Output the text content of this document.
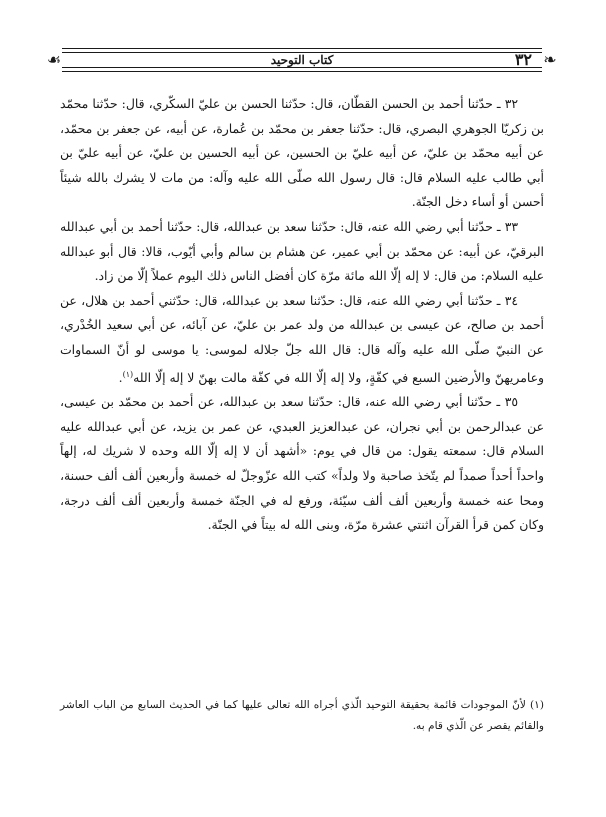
❧
☙	٣٢
كتاب التوحيد

٣٢ ـ حدّثنا أحمد بن الحسن القطّان، قال: حدّثنا الحسن بن عليّ السكّري، قال: حدّثنا محمّد بن زكريّا الجوهري البصري، قال: حدّثنا جعفر بن محمّد بن عُمارة، عن أبيه، عن جعفر بن محمّد، عن أبيه محمّد بن عليّ، عن أبيه عليّ بن الحسين، عن أبيه الحسين بن عليّ، عن أبيه عليّ بن أبي طالب عليه السلام قال: قال رسول الله صلّى الله عليه وآله: من مات لا يشرك بالله شيئاً أحسن أو أساء دخل الجنّة.

٣٣ ـ حدّثنا أبي رضي الله عنه، قال: حدّثنا سعد بن عبدالله، قال: حدّثنا أحمد بن أبي عبدالله البرقيّ، عن أبيه: عن محمّد بن أبي عمير، عن هشام بن سالم وأبي أيّوب، قالا: قال أبو عبدالله عليه السلام: من قال: لا إله إلّا الله مائة مرّة كان أفضل الناس ذلك اليوم عملاً إلّا من زاد.

٣٤ ـ حدّثنا أبي رضي الله عنه، قال: حدّثنا سعد بن عبدالله، قال: حدّثني أحمد بن هلال، عن أحمد بن صالح، عن عيسى بن عبدالله من ولد عمر بن عليّ، عن آبائه، عن أبي سعيد الخُدْري، عن النبيّ صلّى الله عليه وآله قال: قال الله جلّ جلاله لموسى: يا موسى لو أنّ السماوات وعامريهنّ والأرضين السبع في كفّةٍ، ولا إله إلّا الله في كفّة مالت بهنّ لا إله إلّا الله$^{(١)}$.

٣٥ ـ حدّثنا أبي رضي الله عنه، قال: حدّثنا سعد بن عبدالله، عن أحمد بن محمّد بن عيسى، عن عبدالرحمن بن أبي نجران، عن عبدالعزيز العبدي، عن عمر بن يزيد، عن أبي عبدالله عليه السلام قال: سمعته يقول: من قال في يوم: «أشهد أن لا إله إلّا الله وحده لا شريك له، إلهاً واحداً أحداً صمداً لم يتّخذ صاحبة ولا ولداً» كتب الله عزّوجلّ له خمسة وأربعين ألف ألف حسنة، ومحا عنه خمسة وأربعين ألف ألف سيّئة، ورفع له في الجنّة خمسة وأربعين ألف ألف درجة، وكان كمن قرأ القرآن اثنتي عشرة مرّة، وبنى الله له بيتاً في الجنّة.

(١) لأنّ الموجودات قائمة بحقيقة التوحيد الّذي أجراه الله تعالى عليها كما في الحديث السابع من الباب العاشر والقائم يقصر عن الّذي قام به.
